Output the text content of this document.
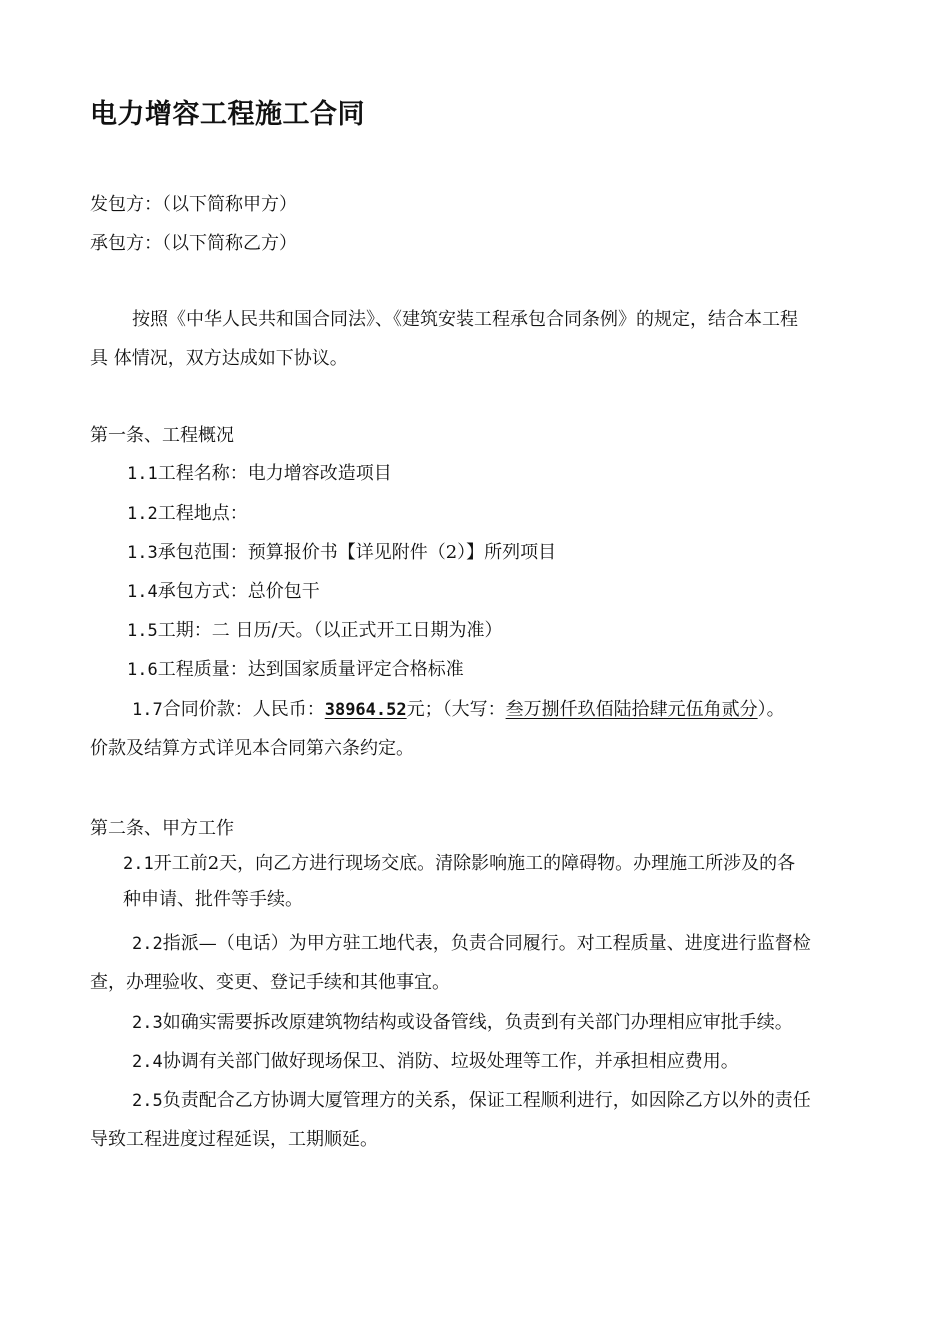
电力增容工程施工合同
发包方：（以下简称甲方）
承包方：（以下简称乙方）
按照《中华人民共和国合同法》、《建筑安装工程承包合同条例》的规定，结合本工程
具 体情况，双方达成如下协议。
第一条、工程概况
1.1工程名称：电力增容改造项目
1.2工程地点：
1.3承包范围：预算报价书【详见附件（2）】所列项目
1.4承包方式：总价包干
1.5工期：二 日历/天。（以正式开工日期为准）
1.6工程质量：达到国家质量评定合格标准
1.7合同价款：人民币：38964.52元；（大写：叁万捌仟玖佰陆拾肆元伍角贰分）。
价款及结算方式详见本合同第六条约定。
第二条、甲方工作
2.1开工前2天，向乙方进行现场交底。清除影响施工的障碍物。办理施工所涉及的各
种申请、批件等手续。
2.2指派—（电话）为甲方驻工地代表，负责合同履行。对工程质量、进度进行监督检
查，办理验收、变更、登记手续和其他事宜。
2.3如确实需要拆改原建筑物结构或设备管线，负责到有关部门办理相应审批手续。
2.4协调有关部门做好现场保卫、消防、垃圾处理等工作，并承担相应费用。
2.5负责配合乙方协调大厦管理方的关系，保证工程顺利进行，如因除乙方以外的责任
导致工程进度过程延误，工期顺延。
